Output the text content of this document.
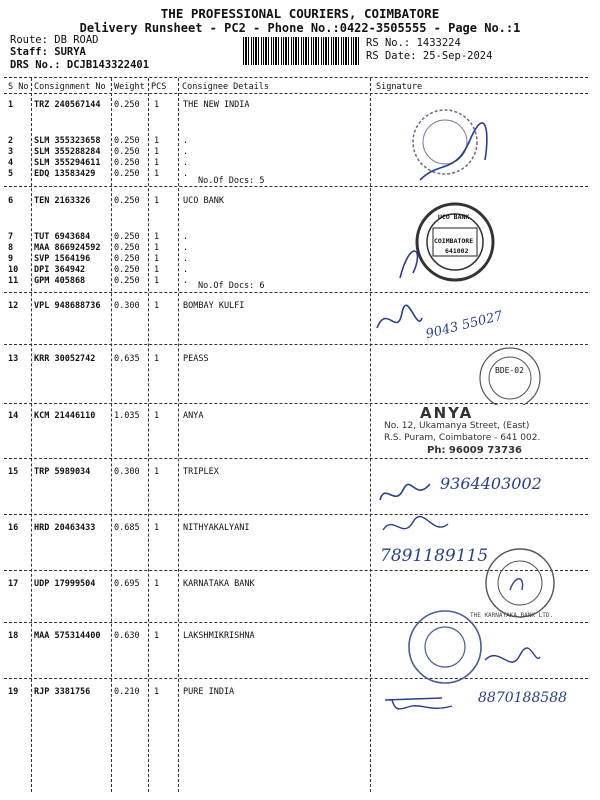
THE PROFESSIONAL COURIERS, COIMBATORE
Delivery Runsheet - PC2 - Phone No.:0422-3505555 - Page No.:1
Route: DB ROAD
Staff: SURYA
DRS No.: DCJB143322401
RS No.: 1433224
RS Date: 25-Sep-2024
S No Consignment No Weight PCS Consignee Details	Signature
1 TRZ 240567144 0.250 1	THE NEW INDIA
2 SLM 355323658 0.250 1	.
3 SLM 355288284 0.250 1	.
4 SLM 355294611 0.250 1	.
5 EDQ 13583429 0.250 1	.
6 TEN 2163326	0.250 1	UCO BANK
7 TUT 6943684	0.250 1	.
8 MAA 866924592 0.250 1	.
9 SVP 1564196	0.250 1	.
10 DPI 364942	0.250 1	.
11 GPM 405868	0.250 1	.
12 VPL 948688736 0.300 1	BOMBAY KULFI
13 KRR 30052742 0.635 1	PEASS
14 KCM 21446110 1.035 1	ANYA
15 TRP 5989034	0.300 1	TRIPLEX
16 HRD 20463433 0.685 1	NITHYAKALYANI
17 UDP 17999504 0.695 1	KARNATAKA BANK
18 MAA 575314400 0.630 1	LAKSHMIKRISHNA
19 RJP 3381756	0.210 1	PURE INDIA
No.Of Docs: 5
No.Of Docs: 6
UCO BANK
COIMBATORE
641002
9043 55027
BDE-02
ANYA
No. 12, Ukamanya Street, (East)
R.S. Puram, Coimbatore - 641 002.
Ph: 96009 73736
9364403002
7891189115
THE KARNATAKA BANK LTD.
8870188588
